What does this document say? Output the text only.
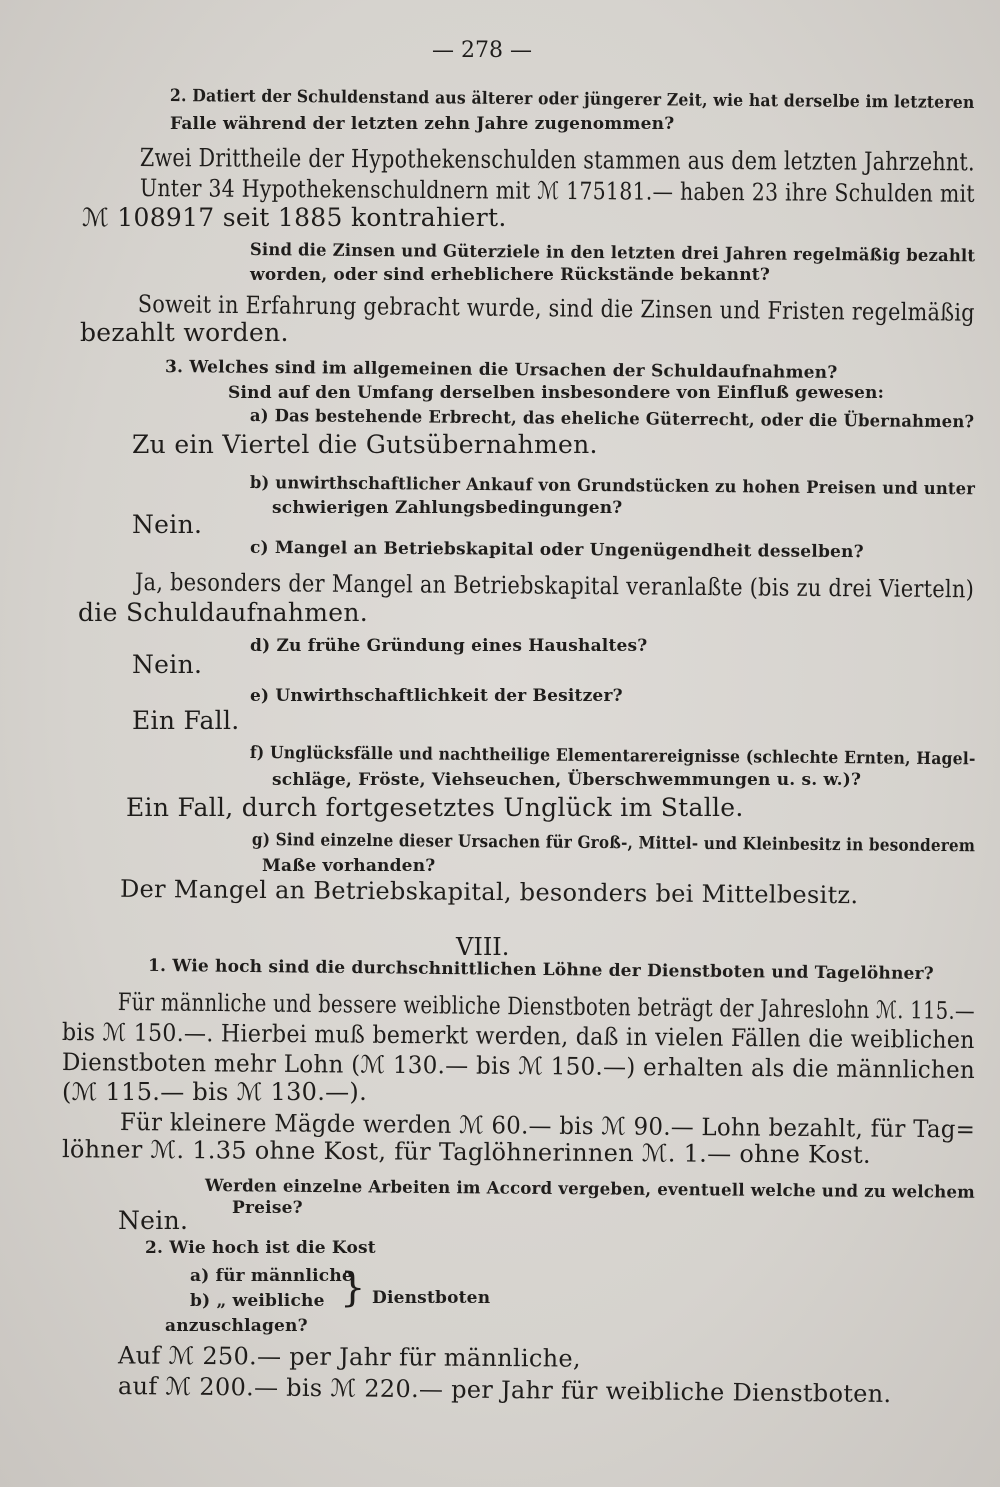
— 278 —
2. Datiert der Schuldenstand aus älterer oder jüngerer Zeit, wie hat derselbe im letzteren
Falle während der letzten zehn Jahre zugenommen?
Zwei Drittheile der Hypothekenschulden stammen aus dem letzten Jahrzehnt.
Unter 34 Hypothekenschuldnern mit ℳ 175181.— haben 23 ihre Schulden mit
ℳ 108917 seit 1885 kontrahiert.
Sind die Zinsen und Güterziele in den letzten drei Jahren regelmäßig bezahlt
worden, oder sind erheblichere Rückstände bekannt?
Soweit in Erfahrung gebracht wurde, sind die Zinsen und Fristen regelmäßig
bezahlt worden.
3. Welches sind im allgemeinen die Ursachen der Schuldaufnahmen?
Sind auf den Umfang derselben insbesondere von Einfluß gewesen:
a) Das bestehende Erbrecht, das eheliche Güterrecht, oder die Übernahmen?
Zu ein Viertel die Gutsübernahmen.
b) unwirthschaftlicher Ankauf von Grundstücken zu hohen Preisen und unter
schwierigen Zahlungsbedingungen?
Nein.
c) Mangel an Betriebskapital oder Ungenügendheit desselben?
Ja, besonders der Mangel an Betriebskapital veranlaßte (bis zu drei Vierteln)
die Schuldaufnahmen.
d) Zu frühe Gründung eines Haushaltes?
Nein.
e) Unwirthschaftlichkeit der Besitzer?
Ein Fall.
f) Unglücksfälle und nachtheilige Elementarereignisse (schlechte Ernten, Hagel-
schläge, Fröste, Viehseuchen, Überschwemmungen u. s. w.)?
Ein Fall, durch fortgesetztes Unglück im Stalle.
g) Sind einzelne dieser Ursachen für Groß-, Mittel- und Kleinbesitz in besonderem
Maße vorhanden?
Der Mangel an Betriebskapital, besonders bei Mittelbesitz.
VIII.
1. Wie hoch sind die durchschnittlichen Löhne der Dienstboten und Tagelöhner?
Für männliche und bessere weibliche Dienstboten beträgt der Jahreslohn ℳ. 115.—
bis ℳ 150.—. Hierbei muß bemerkt werden, daß in vielen Fällen die weiblichen
Dienstboten mehr Lohn (ℳ 130.— bis ℳ 150.—) erhalten als die männlichen
(ℳ 115.— bis ℳ 130.—).
Für kleinere Mägde werden ℳ 60.— bis ℳ 90.— Lohn bezahlt, für Tag=
löhner ℳ. 1.35 ohne Kost, für Taglöhnerinnen ℳ. 1.— ohne Kost.
Werden einzelne Arbeiten im Accord vergeben, eventuell welche und zu welchem
Preise?
Nein.
2. Wie hoch ist die Kost
a) für männliche
b) „ weibliche } Dienstboten
anzuschlagen?
Auf ℳ 250.— per Jahr für männliche,
auf ℳ 200.— bis ℳ 220.— per Jahr für weibliche Dienstboten.
